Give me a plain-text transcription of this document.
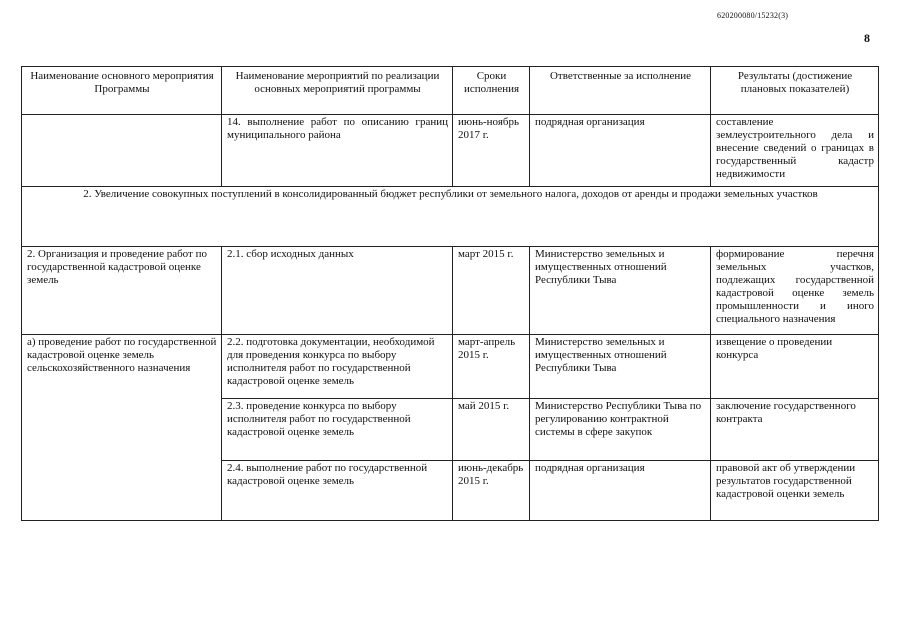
620200080/15232(3)
8
Наименование основного мероприятия Программы	Наименование мероприятий по реализации основных мероприятий программы	Сроки исполнения	Ответственные за исполнение	Результаты (достижение плановых показателей)
	14. выполнение работ по описанию границ муниципального района	июнь-ноябрь 2017 г.	подрядная организация	составление землеустроительного дела и внесение сведений о границах в государственный кадастр недвижимости
2. Увеличение совокупных поступлений в консолидированный бюджет республики от земельного налога, доходов от аренды и продажи земельных участков				
2. Организация и проведение работ по государственной кадастровой оценке земель	2.1. сбор исходных данных	март 2015 г.	Министерство земельных и имущественных отношений Республики Тыва	формирование перечня земельных участков, подлежащих государственной кадастровой оценке земель промышленности и иного специального назначения
а) проведение работ по государственной кадастровой оценке земель сельскохозяйственного назначения	2.2. подготовка документации, необходимой для проведения конкурса по выбору исполнителя работ по государственной кадастровой оценке земель	март-апрель 2015 г.	Министерство земельных и имущественных отношений Республики Тыва	извещение о проведении конкурса
	2.3. проведение конкурса по выбору исполнителя работ по государственной кадастровой оценке земель	май 2015 г.	Министерство Республики Тыва по регулированию контрактной системы в сфере закупок	заключение государственного контракта
	2.4. выполнение работ по государственной кадастровой оценке земель	июнь-декабрь 2015 г.	подрядная организация	правовой акт об утверждении результатов государственной кадастровой оценки земель
